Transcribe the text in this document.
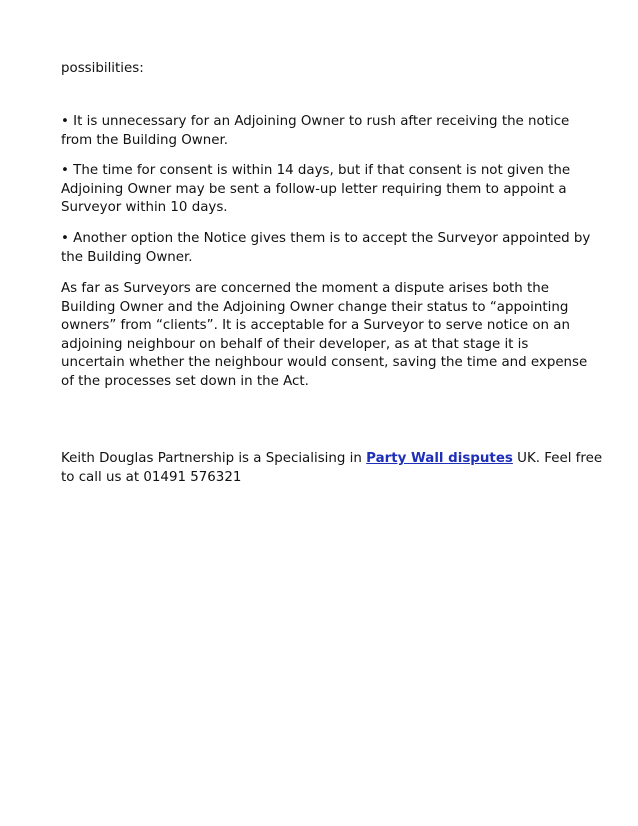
possibilities:

• It is unnecessary for an Adjoining Owner to rush after receiving the notice
from the Building Owner.

• The time for consent is within 14 days, but if that consent is not given the
Adjoining Owner may be sent a follow-up letter requiring them to appoint a
Surveyor within 10 days.

• Another option the Notice gives them is to accept the Surveyor appointed by
the Building Owner.

As far as Surveyors are concerned the moment a dispute arises both the
Building Owner and the Adjoining Owner change their status to “appointing
owners” from “clients”. It is acceptable for a Surveyor to serve notice on an
adjoining neighbour on behalf of their developer, as at that stage it is
uncertain whether the neighbour would consent, saving the time and expense
of the processes set down in the Act.

Keith Douglas Partnership is a Specialising in Party Wall disputes UK. Feel free
to call us at 01491 576321
